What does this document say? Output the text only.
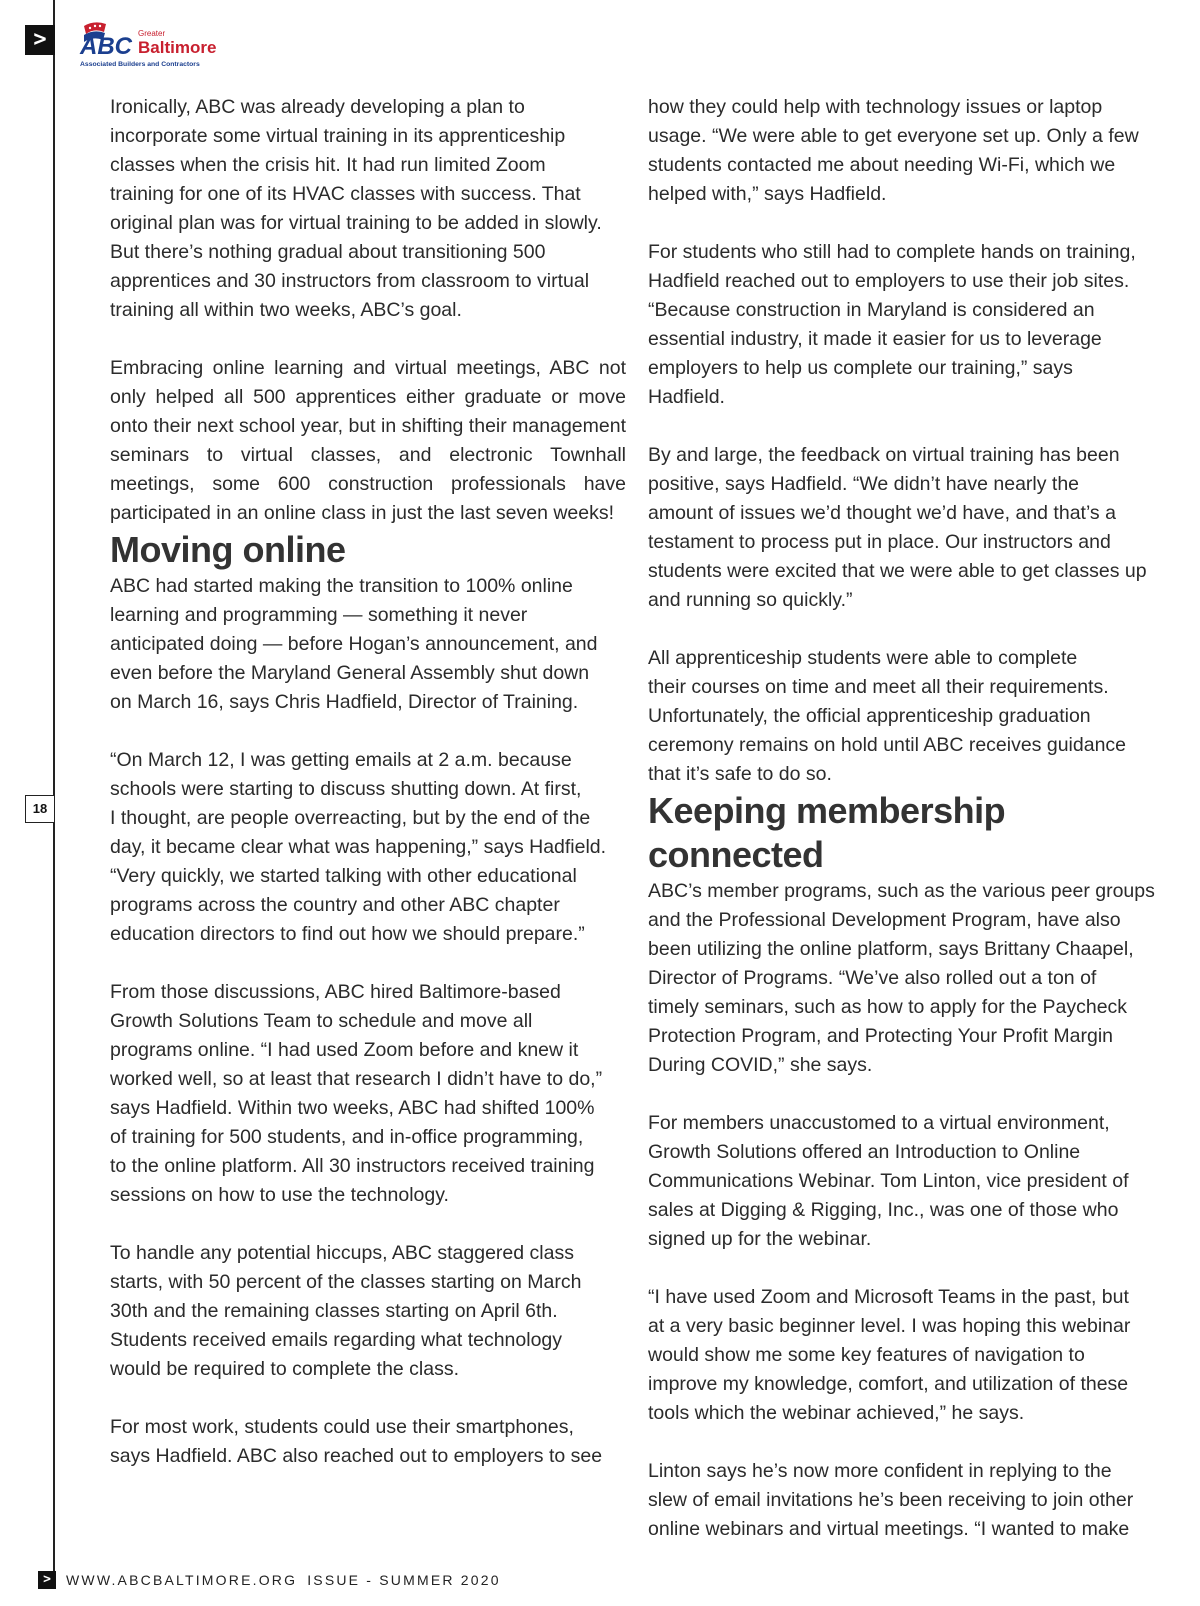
>	ABC Greater
Baltimore
Associated Builders and Contractors
18

Ironically, ABC was already developing a plan to
incorporate some virtual training in its apprenticeship
classes when the crisis hit. It had run limited Zoom
training for one of its HVAC classes with success. That
original plan was for virtual training to be added in slowly.
But there’s nothing gradual about transitioning 500
apprentices and 30 instructors from classroom to virtual
training all within two weeks, ABC’s goal.

Embracing online learning and virtual meetings, ABC not only helped all 500 apprentices either graduate or move onto their next school year, but in shifting their management seminars to virtual classes, and electronic Townhall meetings, some 600 construction professionals have participated in an online class in just the last seven weeks!

Moving online

ABC had started making the transition to 100% online
learning and programming — something it never
anticipated doing — before Hogan’s announcement, and
even before the Maryland General Assembly shut down
on March 16, says Chris Hadfield, Director of Training.

“On March 12, I was getting emails at 2 a.m. because
schools were starting to discuss shutting down. At first,
I thought, are people overreacting, but by the end of the
day, it became clear what was happening,” says Hadfield.
“Very quickly, we started talking with other educational
programs across the country and other ABC chapter
education directors to find out how we should prepare.”

From those discussions, ABC hired Baltimore-based
Growth Solutions Team to schedule and move all
programs online. “I had used Zoom before and knew it
worked well, so at least that research I didn’t have to do,”
says Hadfield. Within two weeks, ABC had shifted 100%
of training for 500 students, and in-office programming,
to the online platform. All 30 instructors received training
sessions on how to use the technology.

To handle any potential hiccups, ABC staggered class
starts, with 50 percent of the classes starting on March
30th and the remaining classes starting on April 6th.
Students received emails regarding what technology
would be required to complete the class.

For most work, students could use their smartphones,
says Hadfield. ABC also reached out to employers to see

how they could help with technology issues or laptop
usage. “We were able to get everyone set up. Only a few
students contacted me about needing Wi-Fi, which we
helped with,” says Hadfield.

For students who still had to complete hands on training,
Hadfield reached out to employers to use their job sites.
“Because construction in Maryland is considered an
essential industry, it made it easier for us to leverage
employers to help us complete our training,” says
Hadfield.

By and large, the feedback on virtual training has been
positive, says Hadfield. “We didn’t have nearly the
amount of issues we’d thought we’d have, and that’s a
testament to process put in place. Our instructors and
students were excited that we were able to get classes up
and running so quickly.”

All apprenticeship students were able to complete
their courses on time and meet all their requirements.
Unfortunately, the official apprenticeship graduation
ceremony remains on hold until ABC receives guidance
that it’s safe to do so.

Keeping membership connected

ABC’s member programs, such as the various peer groups
and the Professional Development Program, have also
been utilizing the online platform, says Brittany Chaapel,
Director of Programs. “We’ve also rolled out a ton of
timely seminars, such as how to apply for the Paycheck
Protection Program, and Protecting Your Profit Margin
During COVID,” she says.

For members unaccustomed to a virtual environment,
Growth Solutions offered an Introduction to Online
Communications Webinar. Tom Linton, vice president of
sales at Digging & Rigging, Inc., was one of those who
signed up for the webinar.

“I have used Zoom and Microsoft Teams in the past, but
at a very basic beginner level. I was hoping this webinar
would show me some key features of navigation to
improve my knowledge, comfort, and utilization of these
tools which the webinar achieved,” he says.

Linton says he’s now more confident in replying to the
slew of email invitations he’s been receiving to join other
online webinars and virtual meetings. “I wanted to make

>	WWW.ABCBALTIMORE.ORG ISSUE - SUMMER 2020
